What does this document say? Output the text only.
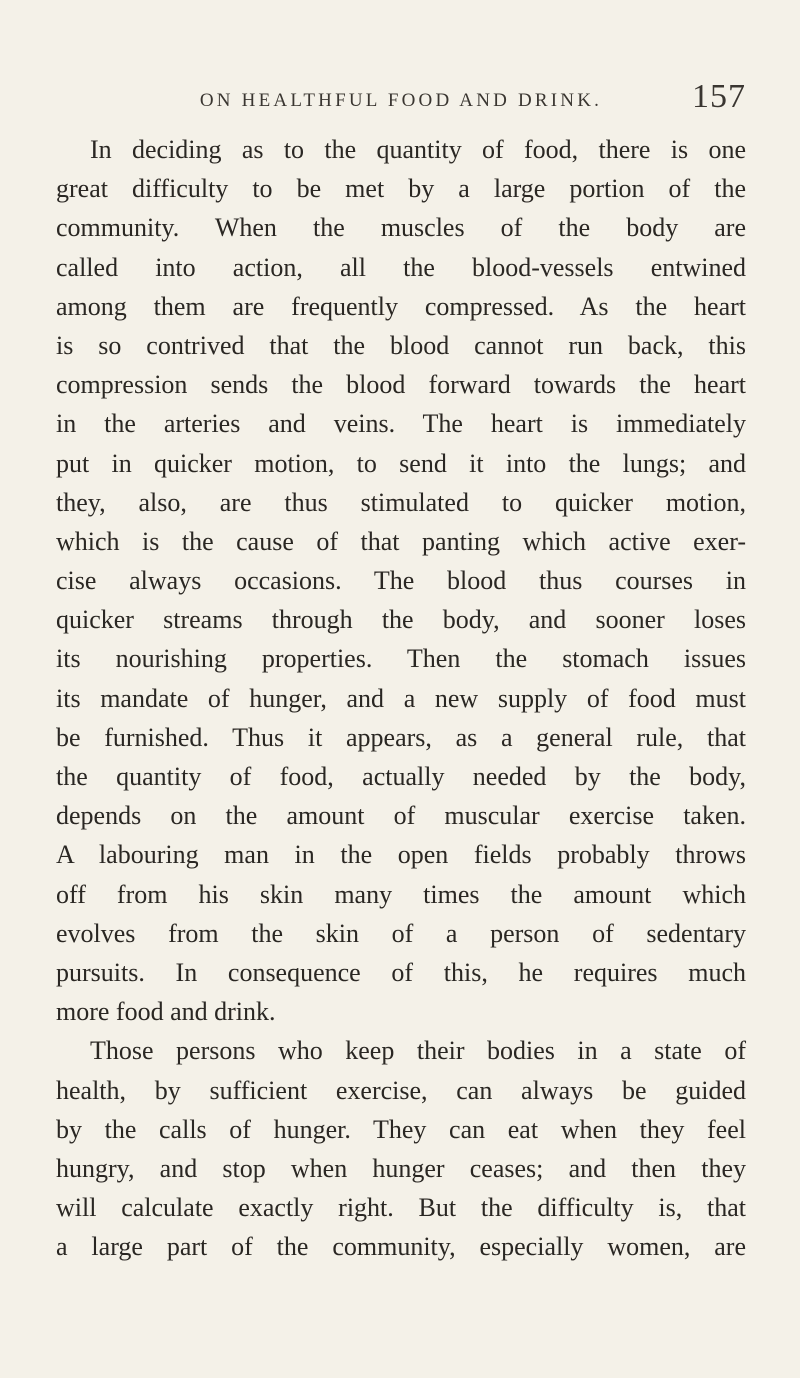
ON HEALTHFUL FOOD AND DRINK.	157
In deciding as to the quantity of food, there is one
great difficulty to be met by a large portion of the
community. When the muscles of the body are
called into action, all the blood-vessels entwined
among them are frequently compressed. As the heart
is so contrived that the blood cannot run back, this
compression sends the blood forward towards the heart
in the arteries and veins. The heart is immediately
put in quicker motion, to send it into the lungs; and
they, also, are thus stimulated to quicker motion,
which is the cause of that panting which active exer-
cise always occasions. The blood thus courses in
quicker streams through the body, and sooner loses
its nourishing properties. Then the stomach issues
its mandate of hunger, and a new supply of food must
be furnished. Thus it appears, as a general rule, that
the quantity of food, actually needed by the body,
depends on the amount of muscular exercise taken.
A labouring man in the open fields probably throws
off from his skin many times the amount which
evolves from the skin of a person of sedentary
pursuits. In consequence of this, he requires much
more food and drink.
Those persons who keep their bodies in a state of
health, by sufficient exercise, can always be guided
by the calls of hunger. They can eat when they feel
hungry, and stop when hunger ceases; and then they
will calculate exactly right. But the difficulty is, that
a large part of the community, especially women, are
